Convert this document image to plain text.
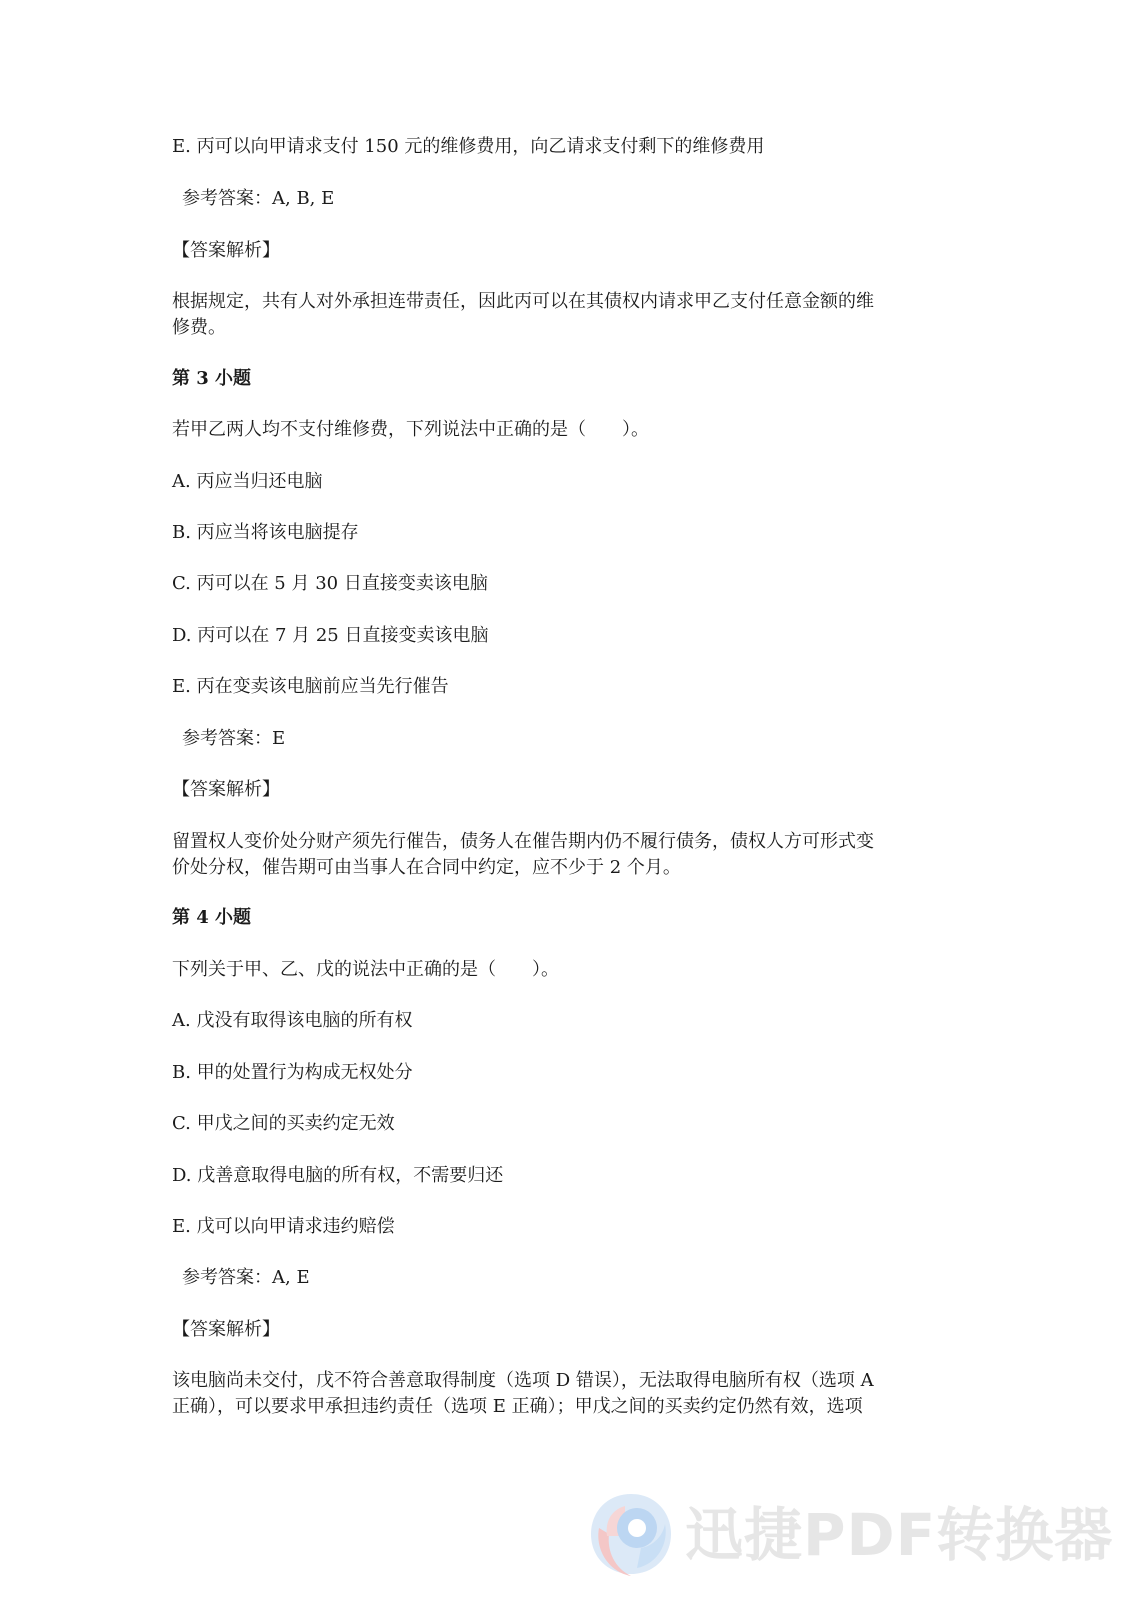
E. 丙可以向甲请求支付 150 元的维修费用，向乙请求支付剩下的维修费用
参考答案：A, B, E
【答案解析】
根据规定，共有人对外承担连带责任，因此丙可以在其债权内请求甲乙支付任意金额的维
修费。
第 3 小题
若甲乙两人均不支付维修费，下列说法中正确的是（　　）。
A. 丙应当归还电脑
B. 丙应当将该电脑提存
C. 丙可以在 5 月 30 日直接变卖该电脑
D. 丙可以在 7 月 25 日直接变卖该电脑
E. 丙在变卖该电脑前应当先行催告
参考答案：E
【答案解析】
留置权人变价处分财产须先行催告，债务人在催告期内仍不履行债务，债权人方可形式变
价处分权，催告期可由当事人在合同中约定，应不少于 2 个月。
第 4 小题
下列关于甲、乙、戊的说法中正确的是（　　）。
A. 戊没有取得该电脑的所有权
B. 甲的处置行为构成无权处分
C. 甲戊之间的买卖约定无效
D. 戊善意取得电脑的所有权，不需要归还
E. 戊可以向甲请求违约赔偿
参考答案：A, E
【答案解析】
该电脑尚未交付，戊不符合善意取得制度（选项 D 错误），无法取得电脑所有权（选项 A
正确），可以要求甲承担违约责任（选项 E 正确）；甲戊之间的买卖约定仍然有效，选项
迅捷PDF转换器
